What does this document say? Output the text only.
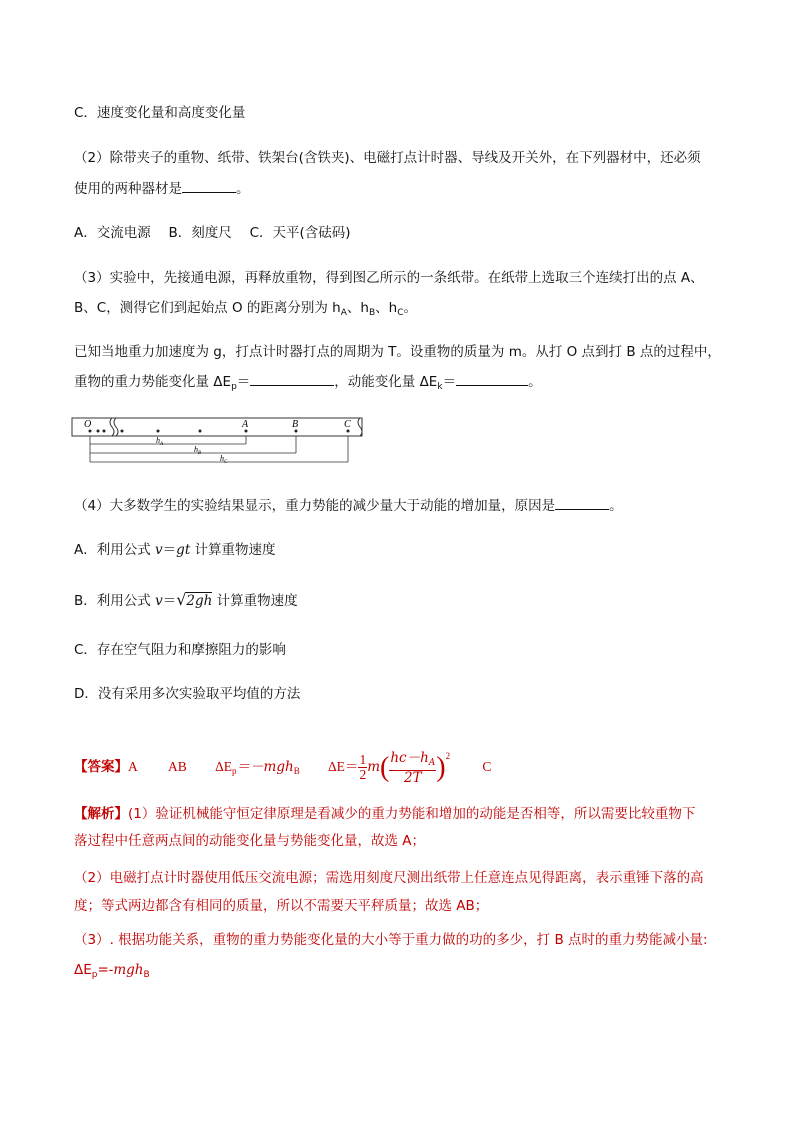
C．速度变化量和高度变化量
（2）除带夹子的重物、纸带、铁架台(含铁夹)、电磁打点计时器、导线及开关外，在下列器材中，还必须
使用的两种器材是	。
A．交流电源　 B．刻度尺　 C．天平(含砝码)
（3）实验中，先接通电源，再释放重物，得到图乙所示的一条纸带。在纸带上选取三个连续打出的点 A、
B、C，测得它们到起始点 O 的距离分别为 $h_A$、$h_B$、$h_C$。
已知当地重力加速度为 g，打点计时器打点的周期为 T。设重物的质量为 m。从打 O 点到打 B 点的过程中，
重物的重力势能变化量 $\Delta E_p=$	，动能变化量 $\Delta E_k=$	。
O	A	B	C
$h_A$
$h_B$
$h_C$
（4）大多数学生的实验结果显示，重力势能的减少量大于动能的增加量，原因是	。
A．利用公式 v＝gt 计算重物速度
B．利用公式 v＝√2gh 计算重物速度
C．存在空气阻力和摩擦阻力的影响
D．没有采用多次实验取平均值的方法
【答案】A AB $\Delta E_p=-mgh_B$ $\Delta E= \frac{1}{2} m( \frac{hc-h_A}{2T} )^2$ C
【解析】(1）验证机械能守恒定律原理是看减少的重力势能和增加的动能是否相等，所以需要比较重物下
落过程中任意两点间的动能变化量与势能变化量，故选 A；
（2）电磁打点计时器使用低压交流电源；需选用刻度尺测出纸带上任意连点见得距离，表示重锤下落的高
度；等式两边都含有相同的质量，所以不需要天平秤质量；故选 AB；
（3）. 根据功能关系，重物的重力势能变化量的大小等于重力做的功的多少，打 B 点时的重力势能减小量:
$\Delta E_p=-mgh_B$
